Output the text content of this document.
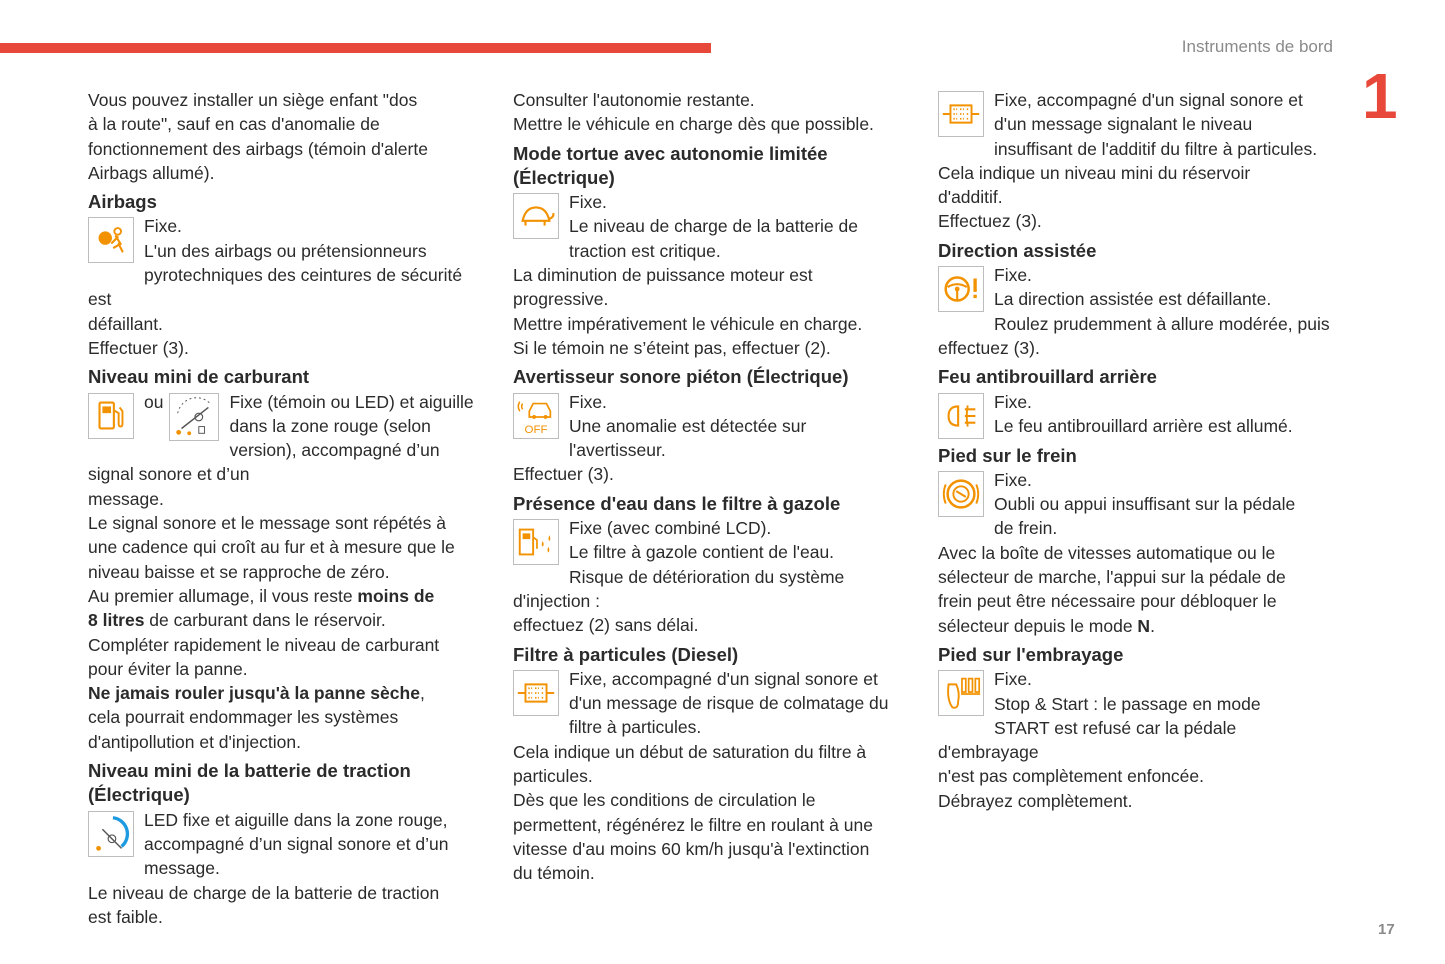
Instruments de bord
1

Vous pouvez installer un siège enfant "dos
à la route", sauf en cas d'anomalie de
fonctionnement des airbags (témoin d'alerte
Airbags allumé).

Airbags

Fixe.
L'un des airbags ou prétensionneurs
pyrotechniques des ceintures de sécurité est
défaillant.
Effectuer (3).

Niveau mini de carburant
ou	Fixe (témoin ou LED) et aiguille
dans la zone rouge (selon
version), accompagné d’un signal sonore et d’un
message.
Le signal sonore et le message sont répétés à
une cadence qui croît au fur et à mesure que le
niveau baisse et se rapproche de zéro.
Au premier allumage, il vous reste moins de
8 litres de carburant dans le réservoir.
Compléter rapidement le niveau de carburant
pour éviter la panne.
Ne jamais rouler jusqu'à la panne sèche,
cela pourrait endommager les systèmes
d'antipollution et d'injection.

Niveau mini de la batterie de traction
(Électrique)

LED fixe et aiguille dans la zone rouge,
accompagné d’un signal sonore et d’un
message.
Le niveau de charge de la batterie de traction
est faible.

Consulter l'autonomie restante.
Mettre le véhicule en charge dès que possible.

Mode tortue avec autonomie limitée
(Électrique)

Fixe.
Le niveau de charge de la batterie de
traction est critique.
La diminution de puissance moteur est
progressive.
Mettre impérativement le véhicule en charge.
Si le témoin ne s’éteint pas, effectuer (2).

Avertisseur sonore piéton (Électrique)
OFF

Fixe.
Une anomalie est détectée sur
l'avertisseur.
Effectuer (3).

Présence d'eau dans le filtre à gazole

Fixe (avec combiné LCD).
Le filtre à gazole contient de l'eau.
Risque de détérioration du système d'injection :
effectuez (2) sans délai.

Filtre à particules (Diesel)

Fixe, accompagné d'un signal sonore et
d'un message de risque de colmatage du
filtre à particules.
Cela indique un début de saturation du filtre à
particules.
Dès que les conditions de circulation le
permettent, régénérez le filtre en roulant à une
vitesse d'au moins 60 km/h jusqu'à l'extinction
du témoin.

Fixe, accompagné d'un signal sonore et
d'un message signalant le niveau
insuffisant de l'additif du filtre à particules.
Cela indique un niveau mini du réservoir
d'additif.
Effectuez (3).

Direction assistée

Fixe.
La direction assistée est défaillante.
Roulez prudemment à allure modérée, puis
effectuez (3).

Feu antibrouillard arrière

Fixe.
Le feu antibrouillard arrière est allumé.

Pied sur le frein

Fixe.
Oubli ou appui insuffisant sur la pédale
de frein.
Avec la boîte de vitesses automatique ou le
sélecteur de marche, l'appui sur la pédale de
frein peut être nécessaire pour débloquer le
sélecteur depuis le mode N.

Pied sur l'embrayage

Fixe.
Stop & Start : le passage en mode
START est refusé car la pédale d'embrayage
n'est pas complètement enfoncée.
Débrayez complètement.

17
